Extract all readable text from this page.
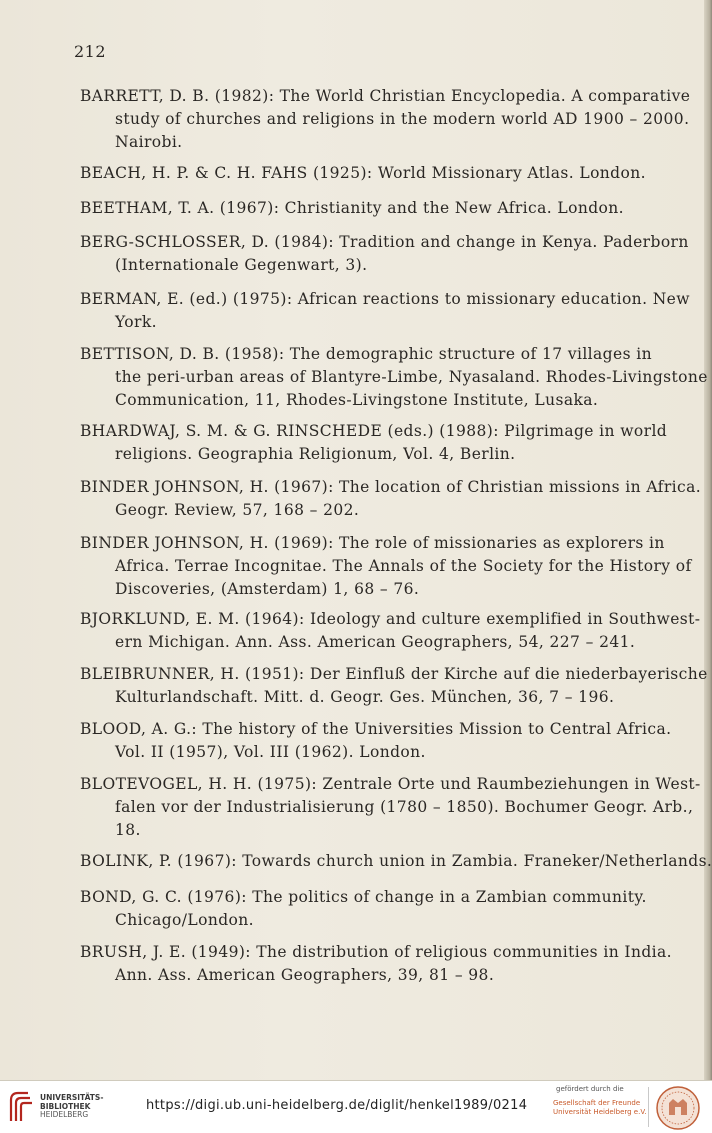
212
BARRETT, D. B. (1982): The World Christian Encyclopedia. A comparative
study of churches and religions in the modern world AD 1900 – 2000.
Nairobi.
BEACH, H. P. & C. H. FAHS (1925): World Missionary Atlas. London.
BEETHAM, T. A. (1967): Christianity and the New Africa. London.
BERG-SCHLOSSER, D. (1984): Tradition and change in Kenya. Paderborn
(Internationale Gegenwart, 3).
BERMAN, E. (ed.) (1975): African reactions to missionary education. New
York.
BETTISON, D. B. (1958): The demographic structure of 17 villages in
the peri-urban areas of Blantyre-Limbe, Nyasaland. Rhodes-Livingstone
Communication, 11, Rhodes-Livingstone Institute, Lusaka.
BHARDWAJ, S. M. & G. RINSCHEDE (eds.) (1988): Pilgrimage in world
religions. Geographia Religionum, Vol. 4, Berlin.
BINDER JOHNSON, H. (1967): The location of Christian missions in Africa.
Geogr. Review, 57, 168 – 202.
BINDER JOHNSON, H. (1969): The role of missionaries as explorers in
Africa. Terrae Incognitae. The Annals of the Society for the History of
Discoveries, (Amsterdam) 1, 68 – 76.
BJORKLUND, E. M. (1964): Ideology and culture exemplified in Southwest-
ern Michigan. Ann. Ass. American Geographers, 54, 227 – 241.
BLEIBRUNNER, H. (1951): Der Einfluß der Kirche auf die niederbayerische
Kulturlandschaft. Mitt. d. Geogr. Ges. München, 36, 7 – 196.
BLOOD, A. G.: The history of the Universities Mission to Central Africa.
Vol. II (1957), Vol. III (1962). London.
BLOTEVOGEL, H. H. (1975): Zentrale Orte und Raumbeziehungen in West-
falen vor der Industrialisierung (1780 – 1850). Bochumer Geogr. Arb.,
18.
BOLINK, P. (1967): Towards church union in Zambia. Franeker/Netherlands.
BOND, G. C. (1976): The politics of change in a Zambian community.
Chicago/London.
BRUSH, J. E. (1949): The distribution of religious communities in India.
Ann. Ass. American Geographers, 39, 81 – 98.
UNIVERSITÄTS-
BIBLIOTHEK
HEIDELBERG
https://digi.ub.uni-heidelberg.de/diglit/henkel1989/0214
gefördert durch die
Gesellschaft der Freunde
Universität Heidelberg e.V.
